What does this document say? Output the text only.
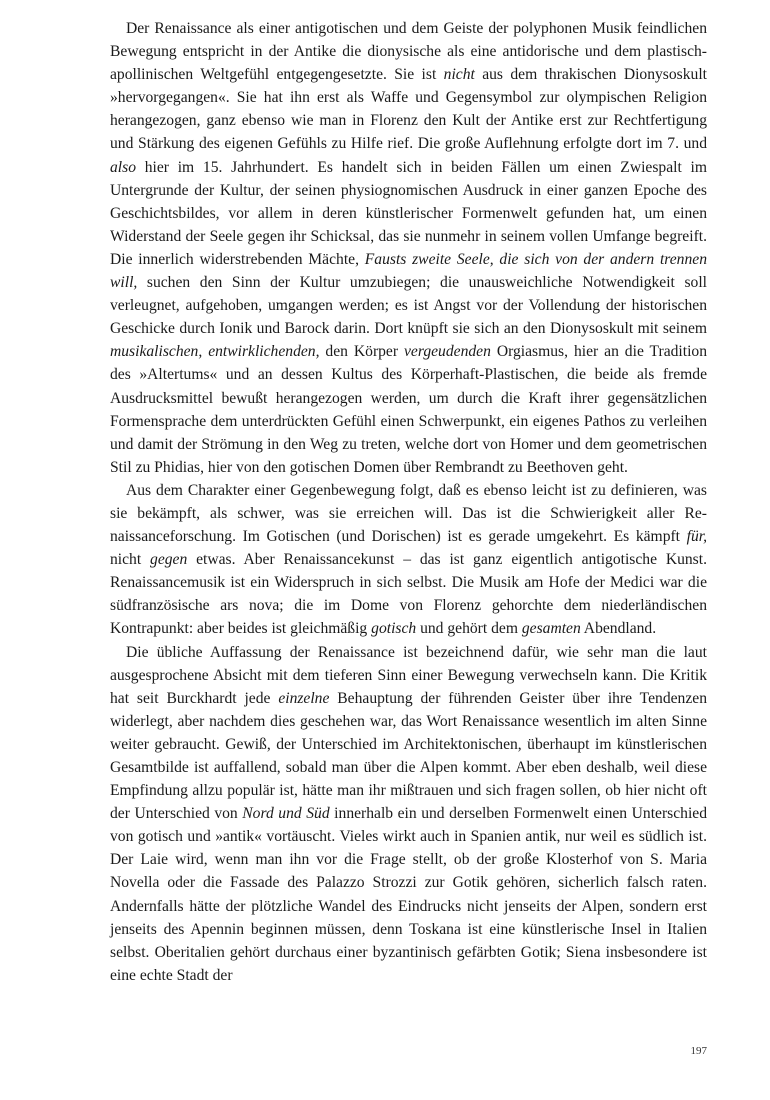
Der Renaissance als einer antigotischen und dem Geiste der polyphonen Musik feindlichen Bewegung entspricht in der Antike die dionysische als eine antidorische und dem plastisch-apollinischen Weltgefühl entgegengesetzte. Sie ist nicht aus dem thrakischen Dionysoskult »hervorgegangen«. Sie hat ihn erst als Waffe und Gegensymbol zur olympischen Religion herangezogen, ganz ebenso wie man in Florenz den Kult der Antike erst zur Rechtfertigung und Stärkung des eigenen Gefühls zu Hilfe rief. Die große Auflehnung erfolgte dort im 7. und also hier im 15. Jahrhundert. Es handelt sich in beiden Fällen um einen Zwiespalt im Untergrunde der Kultur, der seinen physiognomischen Ausdruck in einer ganzen Epoche des Geschichtsbildes, vor allem in deren künstlerischer Formenwelt gefunden hat, um einen Widerstand der Seele gegen ihr Schicksal, das sie nunmehr in seinem vollen Umfange begreift. Die innerlich widerstrebenden Mächte, Fausts zweite Seele, die sich von der andern trennen will, suchen den Sinn der Kultur umzubiegen; die unausweichliche Notwendigkeit soll verleugnet, aufgehoben, umgangen werden; es ist Angst vor der Vollendung der historischen Geschicke durch Ionik und Barock darin. Dort knüpft sie sich an den Dionysoskult mit seinem musikalischen, entwirklichenden, den Körper vergeudenden Orgiasmus, hier an die Tradition des »Altertums« und an dessen Kultus des Körperhaft-Plastischen, die beide als fremde Ausdrucksmittel bewußt herangezogen werden, um durch die Kraft ihrer gegensätzlichen Formensprache dem unterdrückten Gefühl einen Schwerpunkt, ein eigenes Pathos zu verleihen und damit der Strömung in den Weg zu treten, welche dort von Homer und dem geometrischen Stil zu Phidias, hier von den gotischen Domen über Rembrandt zu Beethoven geht.

Aus dem Charakter einer Gegenbewegung folgt, daß es ebenso leicht ist zu definieren, was sie bekämpft, als schwer, was sie erreichen will. Das ist die Schwierigkeit aller Renaissanceforschung. Im Gotischen (und Dorischen) ist es gerade umgekehrt. Es kämpft für, nicht gegen etwas. Aber Renaissancekunst – das ist ganz eigentlich antigotische Kunst. Renaissancemusik ist ein Widerspruch in sich selbst. Die Musik am Hofe der Medici war die südfranzösische ars nova; die im Dome von Florenz gehorchte dem niederländischen Kontrapunkt: aber beides ist gleichmäßig gotisch und gehört dem gesamten Abendland.

Die übliche Auffassung der Renaissance ist bezeichnend dafür, wie sehr man die laut ausgesprochene Absicht mit dem tieferen Sinn einer Bewegung verwechseln kann. Die Kritik hat seit Burckhardt jede einzelne Behauptung der führenden Geister über ihre Tendenzen widerlegt, aber nachdem dies geschehen war, das Wort Renaissance wesentlich im alten Sinne weiter gebraucht. Gewiß, der Unterschied im Architektonischen, überhaupt im künstlerischen Gesamtbilde ist auffallend, sobald man über die Alpen kommt. Aber eben deshalb, weil diese Empfindung allzu populär ist, hätte man ihr mißtrauen und sich fragen sollen, ob hier nicht oft der Unterschied von Nord und Süd innerhalb ein und derselben Formenwelt einen Unterschied von gotisch und »antik« vortäuscht. Vieles wirkt auch in Spanien antik, nur weil es südlich ist. Der Laie wird, wenn man ihn vor die Frage stellt, ob der große Klosterhof von S. Maria Novella oder die Fassade des Palazzo Strozzi zur Gotik gehören, sicherlich falsch raten. Andernfalls hätte der plötzliche Wandel des Eindrucks nicht jenseits der Alpen, sondern erst jenseits des Apennin beginnen müssen, denn Toskana ist eine künstlerische Insel in Italien selbst. Oberitalien gehört durchaus einer byzantinisch gefärbten Gotik; Siena insbesondere ist eine echte Stadt der

197
